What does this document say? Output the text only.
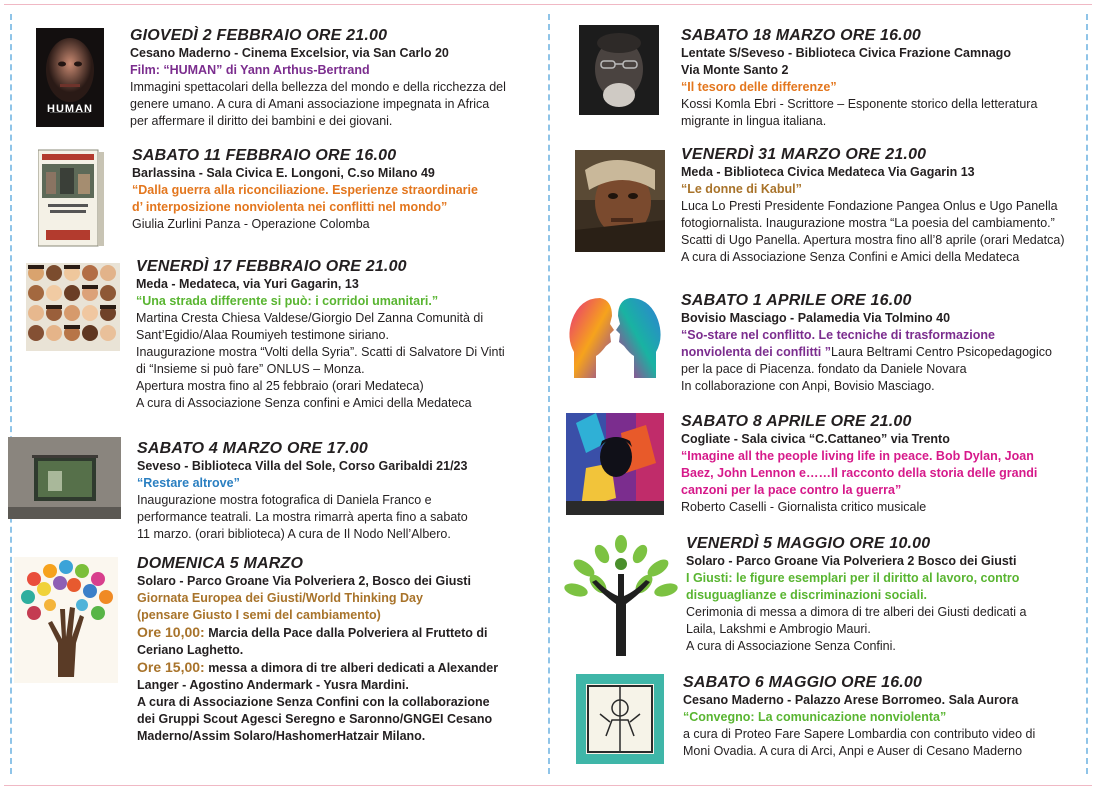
HUMAN
GIOVEDÌ 2 FEBBRAIO ORE 21.00
Cesano Maderno - Cinema Excelsior, via San Carlo 20
Film: “HUMAN” di Yann Arthus-Bertrand
Immagini spettacolari della bellezza del mondo e della ricchezza del
genere umano. A cura di Amani associazione impegnata in Africa
per affermare il diritto dei bambini e dei giovani.
SABATO 11 FEBBRAIO ORE 16.00
Barlassina - Sala Civica E. Longoni, C.so Milano 49
“Dalla guerra alla riconciliazione. Esperienze straordinarie
d’ interposizione nonviolenta nei conflitti nel mondo”
Giulia Zurlini Panza - Operazione Colomba
VENERDÌ 17 FEBBRAIO ORE 21.00
Meda - Medateca, via Yuri Gagarin, 13
“Una strada differente si può: i corridoi umanitari.”
Martina Cresta Chiesa Valdese/Giorgio Del Zanna Comunità di
Sant’Egidio/Alaa Roumiyeh testimone siriano.
Inaugurazione mostra “Volti della Syria”. Scatti di Salvatore Di Vinti
di “Insieme si può fare” ONLUS – Monza.
Apertura mostra fino al 25 febbraio (orari Medateca)
A cura di Associazione Senza confini e Amici della Medateca
SABATO 4 MARZO ORE 17.00
Seveso - Biblioteca Villa del Sole, Corso Garibaldi 21/23
“Restare altrove”
Inaugurazione mostra fotografica di Daniela Franco e
performance teatrali. La mostra rimarrà aperta fino a sabato
11 marzo. (orari biblioteca) A cura de Il Nodo Nell’Albero.
DOMENICA 5 MARZO
Solaro - Parco Groane Via Polveriera 2, Bosco dei Giusti
Giornata Europea dei Giusti/World Thinking Day
(pensare Giusto I semi del cambiamento)
Ore 10,00: Marcia della Pace dalla Polveriera al Frutteto di
Ceriano Laghetto.
Ore 15,00: messa a dimora di tre alberi dedicati a Alexander
Langer - Agostino Andermark - Yusra Mardini.
A cura di Associazione Senza Confini con la collaborazione
dei Gruppi Scout Agesci Seregno e Saronno/GNGEI Cesano
Maderno/Assim Solaro/HashomerHatzair Milano.
SABATO 18 MARZO ORE 16.00
Lentate S/Seveso - Biblioteca Civica Frazione Camnago
Via Monte Santo 2
“Il tesoro delle differenze”
Kossi Komla Ebri - Scrittore – Esponente storico della letteratura
migrante in lingua italiana.
VENERDÌ 31 MARZO ORE 21.00
Meda - Biblioteca Civica Medateca Via Gagarin 13
“Le donne di Kabul”
Luca Lo Presti Presidente Fondazione Pangea Onlus e Ugo Panella
fotogiornalista. Inaugurazione mostra “La poesia del cambiamento.”
Scatti di Ugo Panella. Apertura mostra fino all’8 aprile (orari Medatca)
A cura di Associazione Senza Confini e Amici della Medateca
SABATO 1 APRILE ORE 16.00
Bovisio Masciago - Palamedia Via Tolmino 40
“So-stare nel conflitto. Le tecniche di trasformazione
nonviolenta dei conflitti ”Laura Beltrami Centro Psicopedagogico
per la pace di Piacenza. fondato da Daniele Novara
In collaborazione con Anpi, Bovisio Masciago.
SABATO 8 APRILE ORE 21.00
Cogliate - Sala civica “C.Cattaneo” via Trento
“Imagine all the people living life in peace. Bob Dylan, Joan
Baez, John Lennon e……Il racconto della storia delle grandi
canzoni per la pace contro la guerra”
Roberto Caselli - Giornalista critico musicale
VENERDÌ 5 MAGGIO ORE 10.00
Solaro - Parco Groane Via Polveriera 2 Bosco dei Giusti
I Giusti: le figure esemplari per il diritto al lavoro, contro
disuguaglianze e discriminazioni sociali.
Cerimonia di messa a dimora di tre alberi dei Giusti dedicati a
Laila, Lakshmi e Ambrogio Mauri.
A cura di Associazione Senza Confini.
SABATO 6 MAGGIO ORE 16.00
Cesano Maderno - Palazzo Arese Borromeo. Sala Aurora
“Convegno: La comunicazione nonviolenta”
a cura di Proteo Fare Sapere Lombardia con contributo video di
Moni Ovadia. A cura di Arci, Anpi e Auser di Cesano Maderno
